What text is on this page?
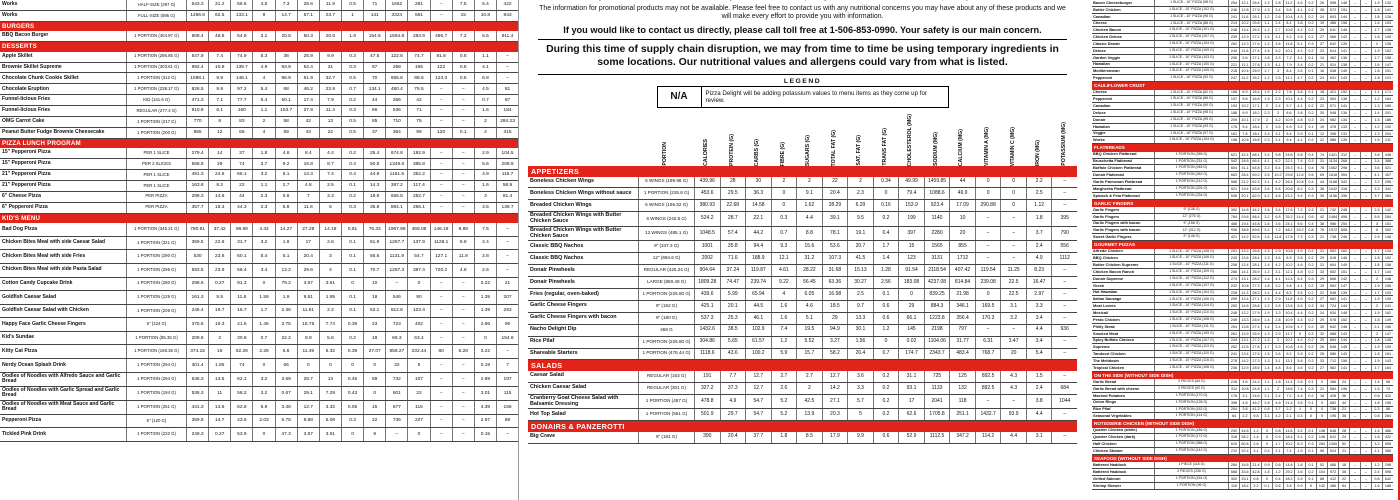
Works	HALF-SIZE (297 G)	643.3	31.2	66.5	4.5	7.3	28.6	11.9	0.5	71	1662	281	–	7.5	5.4	422
Works	FULL-SIZE (595 G)	1286.6	62.5	133.1	9	14.7	57.1	23.7	1	141	3324	561	–	15	10.8	843
BURGERS
BBQ Bacon Burger	1 PORTION (404.97 G)	908.4	48.8	64.8	3.1	20.8	50.3	20.5	1.9	154.5	1564.8	283.9	495.7	7.2	6.5	911.4
DESSERTS
Apple Skillet	1 PORTION (286.85 G)	547.9	7.4	74.9	5.3	38	26.9	9.9	0.3	47.5	122.8	74.7	81.8	0.5	1.1	–
Brownie Skillet Supreme	1 PORTION (303.61 G)	992.4	10.9	139.7	4.9	93.9	52.4	31	0.3	67	258	165	122	0.5	4.1	–
Chocolate Chunk Cookie Skillet	1 PORTION (312 G)	1098.1	9.9	148.1	4	96.9	51.9	32.7	0.5	70	655.8	88.6	123.3	0.5	6.8	–
Chocolate Eruption	1 PORTION (238.17 G)	826.5	9.9	97.2	5.4	68	46.2	23.9	0.7	134.1	480.4	76.5	–	–	4.5	81
Funnel-licious Fries	KID (141.6 G)	471.3	7.1	77.7	6.4	50.1	17.4	7.9	0.2	44	266	42	–	–	0.7	87
Funnel-licious Fries	REGULAR (277.4 G)	910.9	6.1	160	1.1	103.7	27.9	11.4	0.3	66	536	71	–	–	1.6	184
OMG Carrot Cake	1 PORTION (217 G)	770	8	83	2	58	42	13	0.5	85	710	75	–	–	2	284.23
Peanut Butter Fudge Brownie Cheesecake	1 PORTION (200 G)	855	12	66	4	59	43	22	0.5	37	364	99	120	0.1	4	315
PIZZA LUNCH PROGRAM
15" Pepperoni Pizza	PER 1 SLICE	279.4	14	37	1.8	4.6	8.4	4.4	0.2	25.4	674.8	192.9	–	–	2.9	104.5
15" Pepperoni Pizza	PER 2 SLICES	558.9	28	74	3.7	9.2	16.8	8.7	0.4	50.8	1349.6	385.8	–	–	5.6	208.9
21" Pepperoni Pizza	PER 1 SLICE	491.3	24.6	66.1	3.2	8.1	14.3	7.4	0.4	44.8	1161.5	352.2	–	–	4.9	116.7
21" Pepperoni Pizza	PER 1 SLICE	163.8	8.2	22	1.1	2.7	4.8	2.5	0.1	14.3	387.2	117.4	–	–	1.6	58.9
6" Cheese Pizza	PER PIZZA	298.3	14.8	44	2.3	5.6	7	3.3	0.2	18.9	656.8	252.7	–	–	3	81.4
6" Pepperoni Pizza	PER PIZZA	357.7	18.3	44.3	2.3	5.8	11.6	6	0.3	35.8	884.1	256.1	–	–	3.5	139.7
KID'S MENU
Bad Dog Pizza	1 PORTION (345.21 G)	780.91	37.42	98.89	4.42	14.27	27.28	14.18	0.81	76.33	1967.98	468.06	146.18	8.88	7.5	–
Chicken Bites Meal with side Caesar Salad	1 PORTION (321 G)	369.5	22.6	31.7	3.2	1.9	17	2.6	0.1	61.9	1267.7	137.9	1128.1	6.8	2.4	–
Chicken Bites Meal with side Fries	1 PORTION (290 G)	530	23.6	60.1	5.4	5.1	20.4	3	0.1	56.6	1131.9	54.7	127.1	11.8	2.8	–
Chicken Bites Meal with side Pasta Salad	1 PORTION (295 G)	593.5	23.9	56.4	3.4	13.2	29.6	4	0.1	70.7	1297.3	387.4	720.2	4.8	2.6	–
Cotton Candy Cupcake Drink	1 PORTION (280 G)	298.6	0.27	91.3	0	79.2	3.67	3.61	0	10	–	0	–	–	0.22	21
Goldfish Caesar Salad	1 PORTION (129 G)	161.3	5.5	11.6	1.59	1.9	9.61	1.95	0.1	18	546	90	–	–	1.39	207
Goldfish Caesar Salad with Chicken	1 PORTION (209 G)	246.4	19.7	16.7	1.7	2.38	11.61	2.2	0.1	52.1	812.8	103.4	–	–	1.39	293
Happy Face Garlic Cheese Fingers	6" (124 G)	375.6	19.3	41.6	1.46	3.75	15.76	7.74	0.39	23	723	402	–	–	2.96	96
Kid's Sundae	1 PORTION (85.35 G)	209.6	2	30.8	0.7	22.2	8.9	5.6	0.2	18	66.3	63.4	–	–	0	154.8
Kitty Cat Pizza	1 PORTION (168.35 G)	374.15	16	52.28	2.28	5.6	11.49	5.32	0.39	27.07	858.27	232.44	80	5.28	3.22	–
Nerdy Ocean Splash Drink	1 PORTION (294 G)	301.4	1.95	74	0	66	0	0	0	0	32	5	–	–	0.19	7
Oodles of Noodles with Alfredo Sauce and Garlic Bread	1 PORTION (294 G)	536.3	13.5	62.1	3.2	3.59	28.7	13	0.45	59	732	107	–	–	2.89	197
Oodles of Noodles with Garlic Spread and Garlic Bread	1 PORTION (194 G)	536.3	11	58.2	3.2	0.67	29.1	7.29	0.43	0	601	22	–	–	3.01	115
Oodles of Noodles with Meat Sauce and Garlic Bread	1 PORTION (251 G)	431.3	13.6	62.8	5.9	3.48	12.7	3.32	0.05	15	677	115	–	–	4.39	156
Pepperoni Pizza	6" (120 G)	369.9	14.7	43.6	2.03	5.78	8.88	5.08	0.3	22	736	227	–	–	2.97	89
Tickled Pink Drink	1 PORTION (232 G)	248.3	0.27	53.9	0	47.3	3.67	3.61	0	9	–	0	–	–	0.15	–

The information for promotional products may not be available. Please feel free to contact us with any nutritional concerns you may have about any of these products and we will make every effort to provide you with information.

If you would like to contact us directly, please call toll free at 1-506-853-0990. Your safety is our main concern.

During this time of supply chain disruption, we may from time to time be using temporary ingredients in some locations. Our nutritional values and allergens could vary from what is listed.

LEGEND
N/A	Pizza Delight will be adding potassium values to menu items as they come up for review.
PORTION	CALORIES	PROTEIN (G)	CARBS (G)	FIBRE (G)	SUGARS (G)	TOTAL FAT (G)	SAT. FAT (G)	TRANS FAT (G)	CHOLESTEROL (MG)	SODIUM (MG)	CALCIUM (MG)	VITAMIN A (MG)	VITAMIN C (MG)	IRON (MG)	POTASSIUM (MG)
APPETIZERS
Boneless Chicken Wings	6 WINGS (199.98 G)	439.96	28	30	2	2	22	2	0.34	49.99	1459.85	44	0	0	2.2	–
Boneless Chicken Wings without sauce	1 PORTION (226.8 G)	453.6	29.5	36.3	0	9.1	20.4	2.3	0	79.4	1088.6	49.9	0	0	2.5	–
Breaded Chicken Wings	6 WINGS (156.52 G)	380.93	22.68	14.58	0	1.62	28.29	6.29	0.16	153.9	923.4	17.09	290.88	0	1.12	–
Breaded Chicken Wings with Butter Chicken Sauce	6 WINGS (242.5 G)	524.2	28.7	22.1	0.3	4.4	39.1	9.5	0.2	199	1140	10	–	–	1.8	395
Breaded Chicken Wings with Butter Chicken Sauce	12 WINGS (485.1 G)	1048.5	57.4	44.2	0.7	8.8	78.1	19.1	0.4	397	2280	20	–	–	3.7	790
Classic BBQ Nachos	9" (347.3 G)	1001	35.8	94.4	9.3	15.6	53.6	20.7	1.7	15	1565	855	–	–	2.4	556
Classic BBQ Nachos	12" (694.6 G)	2002	71.6	188.9	12.1	31.2	107.3	41.5	1.4	123	3131	1712	–	–	4.9	1112
Donair Pinwheels	REGULAR (425.24 G)	904.64	37.24	119.87	4.61	28.22	31.68	15.13	1.28	91.54	2118.54	407.42	119.54	11.25	8.23	–
Donair Pinwheels	LARGE (850.49 G)	1809.28	74.47	239.74	9.22	56.45	63.36	30.27	2.56	183.08	4237.08	814.84	239.08	22.5	16.47	–
Fries (regular, oven-baked)	1 PORTION (226.80 G)	439.6	5.99	65.94	4	6.05	16.98	2.5	0.1	0	839.25	21.98	0	22.5	2.97	–
Garlic Cheese Fingers	9" (152 G)	425.1	20.1	44.5	1.6	4.6	18.5	9.7	0.6	29	884.3	346.1	169.5	3.1	3.3	–
Garlic Cheese Fingers with bacon	9" (180 G)	537.3	25.3	46.1	1.6	5.1	29	13.3	0.6	66.1	1223.8	356.4	170.3	3.2	3.4	–
Nacho Delight Dip	468 G	1432.6	38.5	102.9	7.4	19.5	94.9	30.1	1.2	145	2198	797	–	–	4.4	936
Rice Pilaf	1 PORTION (226.80 G)	304.86	5.65	61.57	1.2	5.52	3.27	1.56	0	0.02	1104.06	31.77	6.31	3.47	3.4	–
Shareable Starters	1 PORTION (476.44 G)	1118.6	43.6	100.2	5.9	15.7	58.2	20.4	0.7	174.7	2343.7	483.4	768.7	20	5.4	–
SALADS
Caesar Salad	REGULAR (163 G)	191	7.7	12.7	2.7	2.7	12.7	3.6	0.2	31.1	725	125	892.5	4.3	1.5	–
Chicken Caesar Salad	REGULAR (301 G)	327.2	37.3	12.7	2.6	2	14.2	3.3	0.2	93.1	1133	132	892.5	4.3	2.4	684
Cranberry Goat Cheese Salad with Balsamic Dressing	1 PORTION (457 G)	478.8	4.9	54.7	5.2	42.5	27.1	5.7	0.2	17	2041	118	–	–	3.8	1044
Hot Top Salad	1 PORTION (551 G)	501.9	29.7	54.7	5.2	13.9	20.3	5	0.2	62.6	1705.8	251.1	1432.7	93.9	4.4	–
DONAIRS & PANZEROTTI
Big Crave	9" (181 G)	390	20.4	37.7	1.8	8.5	17.9	9.9	0.6	52.9	1112.5	347.2	114.2	4.4	3.1	–
Bacon Cheeseburger	1 SLICE - 10" PIZZA (98 G)	254	12.1	26.4	1.2	2.8	11.2	4.6	0.2	26	598	148	–	–	1.9	132
Butter Chicken	1 SLICE - 10" PIZZA (102 G)	246	12.8	27.9	1.3	3.4	9.8	4.1	0.2	28	572	151	–	–	1.8	141
Canadian	1 SLICE - 10" PIZZA (96 G)	241	11.6	26.1	1.2	2.6	10.4	4.3	0.2	24	603	144	–	–	1.8	126
Cheese	1 SLICE - 10" PIZZA (88 G)	214	10.2	25.8	1.1	2.4	8.1	3.8	0.2	19	486	158	–	–	1.6	104
Chicken Bacon	1 SLICE - 10" PIZZA (101 G)	248	13.4	26.3	1.2	2.7	10.6	4.2	0.2	29	611	146	–	–	1.7	138
Chicken Deluxe	1 SLICE - 10" PIZZA (107 G)	239	12.9	27.2	1.5	3.1	9.2	3.9	0.2	27	566	142	–	–	1.8	149
Classic Donair	1 SLICE - 10" PIZZA (104 G)	262	12.3	27.6	1.3	3.6	11.8	5.1	0.3	27	642	139	–	–	2	136
Deluxe	1 SLICE - 10" PIZZA (109 G)	244	11.8	27.4	1.6	3.2	10.1	4.2	0.2	23	614	141	–	–	1.9	152
Garden Veggie	1 SLICE - 10" PIZZA (103 G)	206	9.6	27.1	1.8	3.3	7.2	3.1	0.1	14	462	136	–	–	1.7	158
Hawaiian	1 SLICE - 10" PIZZA (100 G)	221	11.1	27.8	1.3	4.1	7.9	3.4	0.2	21	524	138	–	–	1.6	147
Mediterranean	1 SLICE - 10" PIZZA (105 G)	218	10.4	26.9	1.7	3	8.4	3.5	0.1	16	538	140	–	–	1.8	151
Pepperoni	1 SLICE - 10" PIZZA (92 G)	247	11.2	26.2	1.2	2.5	11.1	4.7	0.2	24	631	143	–	–	1.8	121
CAULIFLOWER CRUST
Cheese	1 SLICE - 10" PIZZA (82 G)	168	8.9	16.4	1.9	2.2	7.6	3.6	0.1	18	421	152	–	–	1.1	171
Pepperoni	1 SLICE - 10" PIZZA (86 G)	197	9.8	16.8	1.9	2.3	10.4	4.4	0.2	23	563	138	–	–	1.2	184
Canadian	1 SLICE - 10" PIZZA (90 G)	193	10.2	17.1	2	2.4	9.7	4.1	0.2	22	571	141	–	–	1.3	189
Deluxe	1 SLICE - 10" PIZZA (98 G)	188	9.9	18.2	2.3	3	8.6	3.8	0.2	20	548	136	–	–	1.4	201
Donair	1 SLICE - 10" PIZZA (95 G)	209	10.1	17.9	2	3.2	10.9	4.8	0.3	24	582	134	–	–	1.5	186
Hawaiian	1 SLICE - 10" PIZZA (93 G)	176	9.4	18.4	2	3.6	6.9	3.2	0.1	19	478	133	–	–	1.2	192
Veggie	1 SLICE - 10" PIZZA (97 G)	161	7.8	18.1	2.4	3.1	6.4	2.9	0.1	12	398	131	–	–	1.3	204
Works	1 SLICE - 10" PIZZA (104 G)	198	10.6	18.8	2.3	3.1	9.4	4.1	0.2	22	586	139	–	–	1.5	211
FLATBREADS
BBQ Chicken Flatbread	1 PORTION (255 G)	621	32.4	68.1	3.4	9.8	24.6	9.8	0.4	74	1421	312	–	–	3.8	446
Bruschetta Flatbread	1 PORTION (231 G)	542	18.6	66.4	4.1	6.2	22.1	7.4	0.3	31	1134	268	–	–	3.4	388
Buffalo Chicken Flatbread	1 PORTION (248 G)	604	31.1	64.8	3.2	5.4	25.3	9.1	0.4	78	1562	298	–	–	3.6	421
Donair Flatbread	1 PORTION (262 G)	663	28.4	69.2	3.5	10.2	29.8	12.6	0.6	69	1618	304	–	–	4.1	407
Garlic Parmesan Flatbread	1 PORTION (212 G)	568	21.2	62.3	3.1	4.2	26.4	10.8	0.4	44	1188	342	–	–	3.2	296
Margherita Flatbread	1 PORTION (226 G)	521	19.4	63.8	3.6	5.8	20.6	8.2	0.3	36	1042	318	–	–	3.3	342
Spinach & Feta Flatbread	1 PORTION (234 G)	536	20.1	62.9	4.2	4.6	23.2	9.4	0.3	39	1156	336	–	–	3.7	364
GARLIC FINGERS
Garlic Fingers	9" (138 G)	392	14.8	44.2	1.6	3.4	17.6	7.2	0.3	21	742	248	–	–	2.9	142
Garlic Fingers	12" (276 G)	784	29.6	88.4	3.2	6.8	35.2	14.4	0.6	42	1484	496	–	–	5.8	284
Garlic Fingers with bacon	9" (156 G)	468	19.4	44.8	1.6	3.6	24.1	9.6	0.4	38	986	254	–	–	3	151
Garlic Fingers with bacon	12" (312 G)	936	38.8	89.6	3.2	7.2	48.2	19.2	0.8	76	1972	508	–	–	6	302
Sweet Garlic Fingers	9" (146 G)	421	14.2	52.6	1.6	11.8	17.8	7.3	0.3	21	738	246	–	–	2.9	146
GOURMET PIZZAS
Alfredo Chicken	1 SLICE - 10" PIZZA (108 G)	251	13.2	26.8	1.3	2.9	10.8	4.9	0.2	31	592	162	–	–	1.7	134
BBQ Chicken	1 SLICE - 10" PIZZA (106 G)	243	13.6	28.4	1.3	4.6	8.9	3.8	0.2	29	618	146	–	–	1.8	152
Butter Chicken Supreme	1 SLICE - 10" PIZZA (111 G)	258	13.4	28.1	1.4	4.2	10.2	4.6	0.2	31	604	149	–	–	1.8	158
Chicken Bacon Ranch	1 SLICE - 10" PIZZA (109 G)	266	14.1	26.9	1.2	3.1	12.1	4.8	0.2	33	652	151	–	–	1.7	144
Donair Supreme	1 SLICE - 10" PIZZA (112 G)	274	13.1	28.2	1.4	4.1	12.4	5.4	0.3	29	668	142	–	–	2	148
Greek	1 SLICE - 10" PIZZA (107 G)	232	10.8	27.3	1.8	3.2	9.8	4.1	0.2	19	592	147	–	–	1.9	156
Hot Hawaiian	1 SLICE - 10" PIZZA (104 G)	228	11.3	28.3	1.4	4.4	8.3	3.5	0.2	22	548	139	–	–	1.7	153
Italian Sausage	1 SLICE - 10" PIZZA (106 G)	259	12.4	27.1	1.3	2.9	11.8	4.9	0.2	27	662	141	–	–	1.9	139
Meat Lovers	1 SLICE - 10" PIZZA (114 G)	283	14.6	26.8	1.2	2.8	13.6	5.6	0.3	34	724	144	–	–	2	141
Mexicali	1 SLICE - 10" PIZZA (110 G)	246	12.2	27.9	1.9	3.3	10.4	4.4	0.2	24	634	148	–	–	1.9	162
Pesto Chicken	1 SLICE - 10" PIZZA (108 G)	249	13.3	26.6	1.4	2.8	10.9	4.3	0.2	29	578	152	–	–	1.8	149
Philly Steak	1 SLICE - 10" PIZZA (111 G)	254	13.8	27.4	1.4	3.4	10.6	4.7	0.2	30	642	146	–	–	2.1	156
Smoked Meat	1 SLICE - 10" PIZZA (109 G)	261	13.9	26.9	1.3	2.9	11.7	5	0.3	32	688	143	–	–	2	147
Spicy Buffalo Chicken	1 SLICE - 10" PIZZA (107 G)	244	13.1	27.2	1.3	3	10.1	4.2	0.2	29	664	144	–	–	1.8	146
Supreme	1 SLICE - 10" PIZZA (113 G)	252	12.6	27.8	1.7	3.3	10.8	4.5	0.2	26	648	145	–	–	1.9	159
Tandoori Chicken	1 SLICE - 10" PIZZA (110 G)	241	13.4	27.6	1.5	3.6	9.2	3.9	0.2	28	586	143	–	–	1.8	161
The Meltdown	1 SLICE - 10" PIZZA (115 G)	278	14.2	27.3	1.3	3.1	13.1	5.8	0.3	33	712	156	–	–	1.9	143
Tropical Chicken	1 SLICE - 10" PIZZA (108 G)	236	12.9	28.6	1.4	4.8	8.6	3.6	0.2	27	562	141	–	–	1.7	164
ON THE SIDE (WITHOUT SIDE DISH)
Garlic Bread	2 PIECES (64 G)	218	4.6	24.2	1.1	1.8	11.4	2.6	0.1	0	386	24	–	–	1.4	58
Garlic Bread with cheese	2 PIECES (92 G)	312	10.8	24.8	1.1	2	18.6	7.4	0.3	21	584	196	–	–	1.5	74
Mashed Potatoes	1 PORTION (170 G)	176	3.1	24.6	2.1	2.4	7.2	4.4	0.2	18	428	36	–	–	0.6	412
Onion Rings	1 PORTION (128 G)	396	4.8	46.2	2.8	4.6	21.4	3.6	0.1	0	682	44	–	–	1.8	196
Rice Pilaf	1 PORTION (152 G)	204	3.8	41.2	0.8	3.7	2.2	1	0	0	738	21	–	–	2.3	88
Seasonal Vegetables	1 PORTION (114 G)	64	2.2	9.8	3.1	4.2	2.1	0.3	0	0	196	38	–	–	0.8	264
ROTISSERIE CHICKEN (WITHOUT SIDE DISH)
Quarter Chicken (white)	1 PORTION (186 G)	292	44.6	1.2	0	0.8	11.8	3.2	0.1	138	648	28	–	–	1.4	486
Quarter Chicken (dark)	1 PORTION (172 G)	318	36.2	1.4	0	0.9	18.4	5.1	0.2	146	612	24	–	–	1.8	422
Half Chicken	1 PORTION (358 G)	610	80.8	2.6	0	1.7	30.2	8.3	0.3	284	1260	52	–	–	3.2	908
Chicken Skewer	1 PORTION (142 G)	212	32.4	3.1	0.4	2.1	7.4	1.9	0.1	96	524	21	–	–	1.1	386
SEAFOOD (WITHOUT SIDE DISH)
Battered Haddock	1 PIECE (118 G)	284	16.8	21.4	0.9	0.6	14.6	1.8	0.1	52	486	18	–	–	1.2	298
Battered Haddock	2 PIECES (236 G)	568	33.6	42.8	1.8	1.2	29.2	3.6	0.2	104	972	36	–	–	2.4	596
Grilled Salmon	1 PORTION (154 G)	302	33.1	0.8	0	0.4	18.2	3.9	0.1	88	412	22	–	–	0.8	642
Shrimp Skewer	1 PORTION (96 G)	118	18.4	2.2	0.1	0.6	3.8	0.9	0	142	486	64	–	–	1.6	188
